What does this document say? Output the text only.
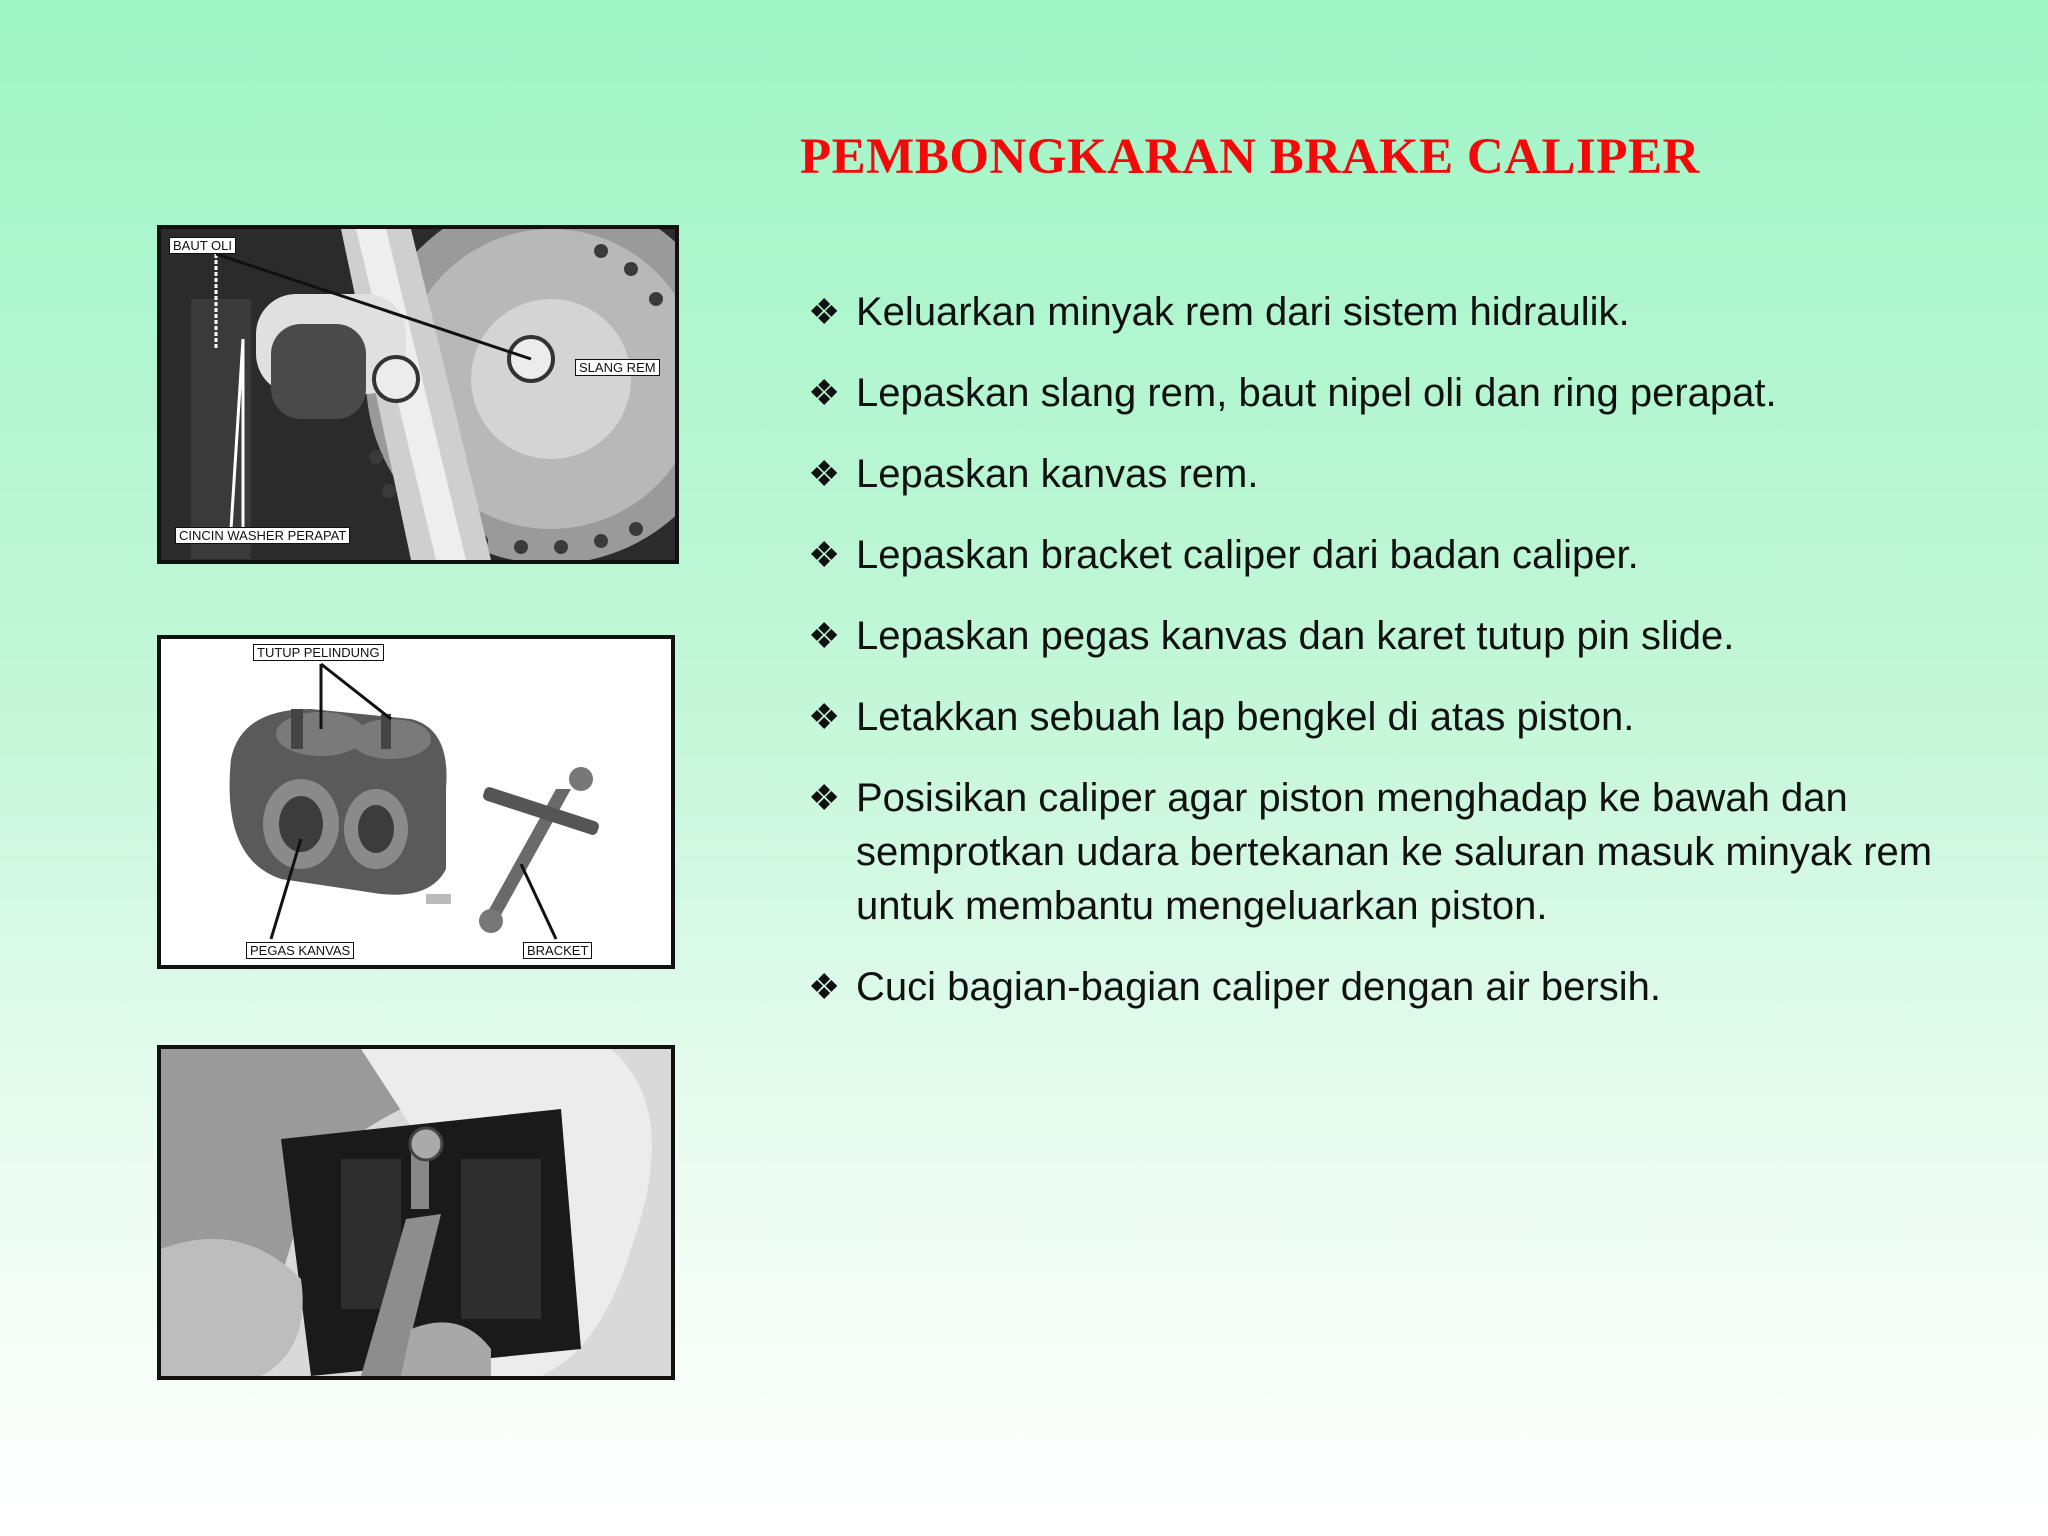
PEMBONGKARAN BRAKE CALIPER
❖ Keluarkan minyak rem dari sistem hidraulik.
❖ Lepaskan slang rem, baut nipel oli dan ring perapat.
❖ Lepaskan kanvas rem.
❖ Lepaskan bracket caliper dari badan caliper.
❖ Lepaskan pegas kanvas dan karet tutup pin slide.
❖ Letakkan sebuah lap bengkel di atas piston.
❖ Posisikan caliper agar piston menghadap ke bawah dan semprotkan udara bertekanan ke saluran masuk minyak rem  untuk membantu mengeluarkan piston.
❖ Cuci bagian-bagian caliper dengan air bersih.
BAUT OLI
SLANG REM
CINCIN WASHER PERAPAT
TUTUP PELINDUNG
PEGAS KANVAS	BRACKET
